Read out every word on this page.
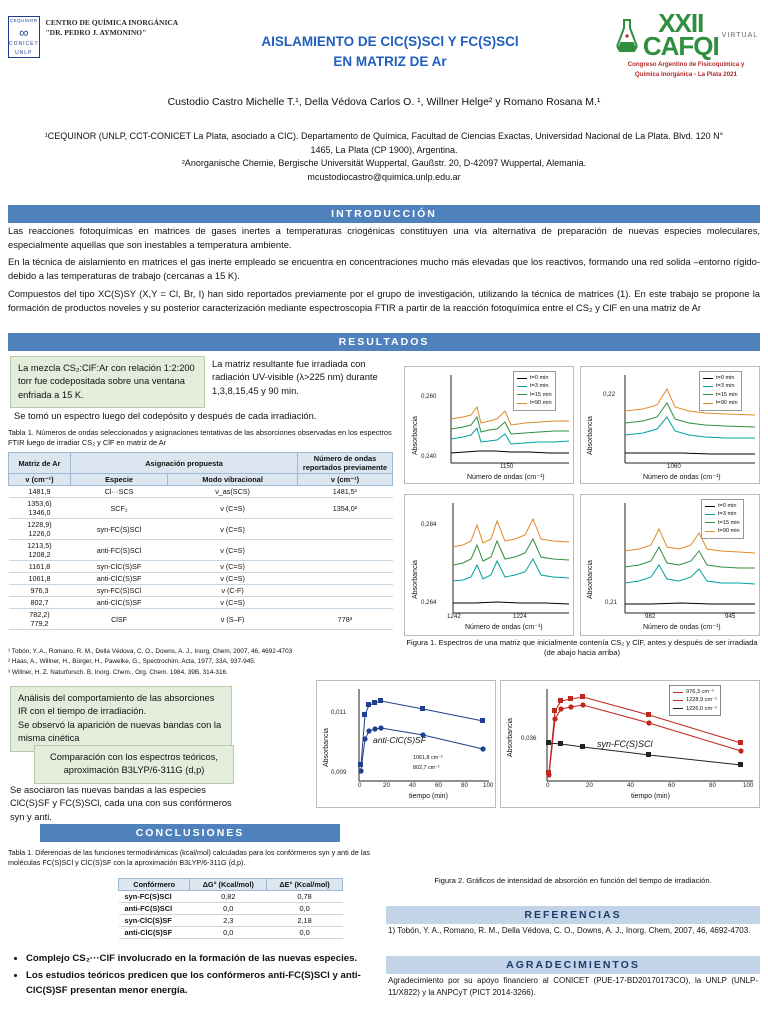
CEQUINOR
∞
CONICET
UNLP
CENTRO DE QUÍMICA INORGÁNICA "DR. PEDRO J. AYMONINO"
AISLAMIENTO DE ClC(S)SCl Y FC(S)SCl
EN MATRIZ DE Ar
XXII
CAFQI VIRTUAL
Congreso Argentino de Fisicoquímica y
Química Inorgánica - La Plata 2021
Custodio Castro Michelle T.¹, Della Védova Carlos O. ¹, Willner Helge² y Romano Rosana M.¹
¹CEQUINOR (UNLP, CCT-CONICET La Plata, asociado a CIC). Departamento de Química, Facultad de Ciencias Exactas, Universidad Nacional de La Plata. Blvd. 120 N° 1465, La Plata (CP 1900), Argentina.
²Anorganische Chemie, Bergische Universität Wuppertal, Gaußstr. 20, D-42097 Wuppertal, Alemania.
mcustodiocastro@quimica.unlp.edu.ar
INTRODUCCIÓN
Las reacciones fotoquímicas en matrices de gases inertes a temperaturas criogénicas constituyen una vía alternativa de preparación de nuevas especies moleculares, especialmente aquellas que son inestables a temperatura ambiente.
En la técnica de aislamiento en matrices el gas inerte empleado se encuentra en concentraciones mucho más elevadas que los reactivos, formando una red solida –entorno rígido- debido a las temperaturas de trabajo (cercanas a 15 K).
Compuestos del tipo XC(S)SY (X,Y = Cl, Br, I) han sido reportados previamente por el grupo de investigación, utilizando la técnica de matrices (1). En este trabajo se propone la formación de productos noveles y su posterior caracterización mediante espectroscopia FTIR a partir de la reacción fotoquímica entre el CS₂ y ClF en una matriz de Ar
RESULTADOS
La mezcla CS₂:ClF:Ar con relación 1:2:200 torr fue codepositada sobre una ventana enfriada a 15 K.
La matriz resultante fue irradiada con radiación UV-visible (λ>225 nm) durante 1,3,8,15,45 y 90 min.
Se tomó un espectro luego del codepósito y después de cada irradiación.
Tabla 1. Números de ondas seleccionados y asignaciones tentativas de las absorciones observadas en los espectros FTIR luego de irradiar CS₂ y ClF en matriz de Ar
Matriz de Ar	Asignación propuesta		Número de ondas reportados previamente
ν (cm⁻¹)	Especie	Modo vibracional	ν (cm⁻¹)
1481,9	Cl···SCS	ν_as(SCS)	1481,5¹
1353,6)
1346,0	SCF₂	ν (C=S)	1354,0²
1228,9)
1226,0	syn-FC(S)SCl	ν (C=S)	
1213,5)
1208,2	anti-FC(S)SCl	ν (C=S)	
1161,8	syn-ClC(S)SF	ν (C=S)	
1061,8	anti-ClC(S)SF	ν (C=S)	
976,3	syn-FC(S)SCl	ν (C-F)	
802,7	anti-ClC(S)SF	ν (C=S)	
782,2)
779,2	ClSF	ν (S–F)	778³
¹ Tobón, Y. A., Romano, R. M., Della Védova, C. O., Downs, A. J., Inorg, Chem, 2007, 46, 4692-4703
² Haas, A., Willner, H., Bürger, H., Pawelke, G., Spectrochim. Acta, 1977, 33A, 937-945.
³ Willner, H. Z. Naturforsch. B, Inorg. Chem., Org. Chem. 1984, 39B, 314-316.
Análisis del comportamiento de las absorciones IR con el tiempo de irradiación.
Se observó la aparición de nuevas bandas con la misma cinética
Comparación con los espectros teóricos, aproximación B3LYP/6-311G (d,p)
Se asociaron las nuevas bandas a las especies ClC(S)SF y FC(S)SCl, cada una con sus confórmeros syn y anti.
Absorbancia
0,240
0,260
1150
Número de ondas (cm⁻¹)
t=0 min
t=3 min
t=15 min
t=90 min
Absorbancia
0,22
1060
Número de ondas (cm⁻¹)
t=0 min
t=3 min
t=15 min
t=90 min
Absorbancia
0,264
0,284
1242	1224
Número de ondas (cm⁻¹)
Absorbancia
0,21
982	945
Número de ondas (cm⁻¹)
t=0 min
t=3 min
t=15 min
t=90 min
Figura 1. Espectros de una matriz que inicialmente contenía CS₂ y ClF, antes y después de ser irradiada (de abajo hacia arriba)
Absorbancia
0,009
0,011
0	20	40	60	80 100
tiempo (min)
anti-ClC(S)SF
1061,8 cm⁻¹
802,7 cm⁻¹
Absorbancia 0,036
0	20	40	60	80	100
tiempo (min)
syn-FC(S)SCl
976,3 cm⁻¹
1228,9 cm⁻¹
1226,0 cm⁻¹
Figura 2. Gráficos de intensidad de absorción en función del tiempo de irradiación.
CONCLUSIONES
Tabla 1. Diferencias de las funciones termodinámicas (kcal/mol) calculadas para los confórmeros syn y anti de las moléculas FC(S)SCl y ClC(S)SF con la aproximación B3LYP/6-311G (d,p).
Confórmero	ΔG° (Kcal/mol)	ΔE° (Kcal/mol)
syn-FC(S)SCl	0,82	0,78
anti-FC(S)SCl	0,0	0,0
syn-ClC(S)SF	2,3	2,18
anti-ClC(S)SF	0,0	0,0
• Complejo CS₂···ClF involucrado en la formación de las nuevas especies.
• Los estudios teóricos predicen que los confórmeros anti-FC(S)SCl y anti-ClC(S)SF presentan menor energía.
REFERENCIAS
1) Tobón, Y. A., Romano, R. M., Della Védova, C. O., Downs, A. J., Inorg. Chem, 2007, 46, 4692-4703.
AGRADECIMIENTOS
Agradecimiento por su apoyo financiero al CONICET (PUE-17-BD20170173CO), la UNLP (UNLP-11/X822) y la ANPCyT (PICT 2014-3266).
